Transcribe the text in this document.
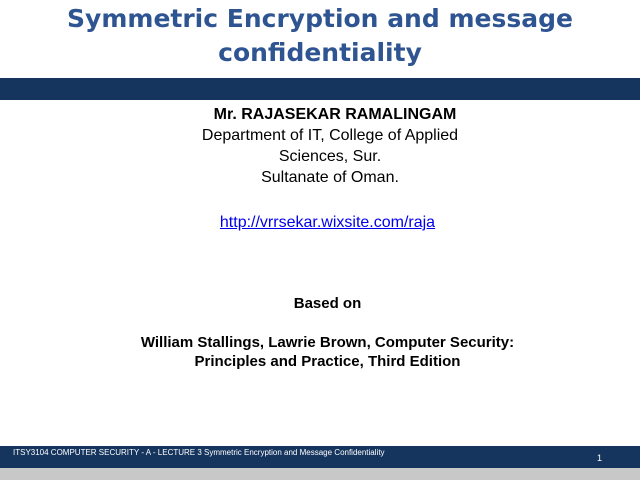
Symmetric Encryption and message
confidentiality
Mr. RAJASEKAR RAMALINGAM
Department of IT, College of Applied
Sciences, Sur.
Sultanate of Oman.
http://vrrsekar.wixsite.com/raja
Based on
William Stallings, Lawrie Brown, Computer Security:
Principles and Practice, Third Edition
ITSY3104 COMPUTER SECURITY - A - LECTURE 3 Symmetric Encryption and Message Confidentiality
1
